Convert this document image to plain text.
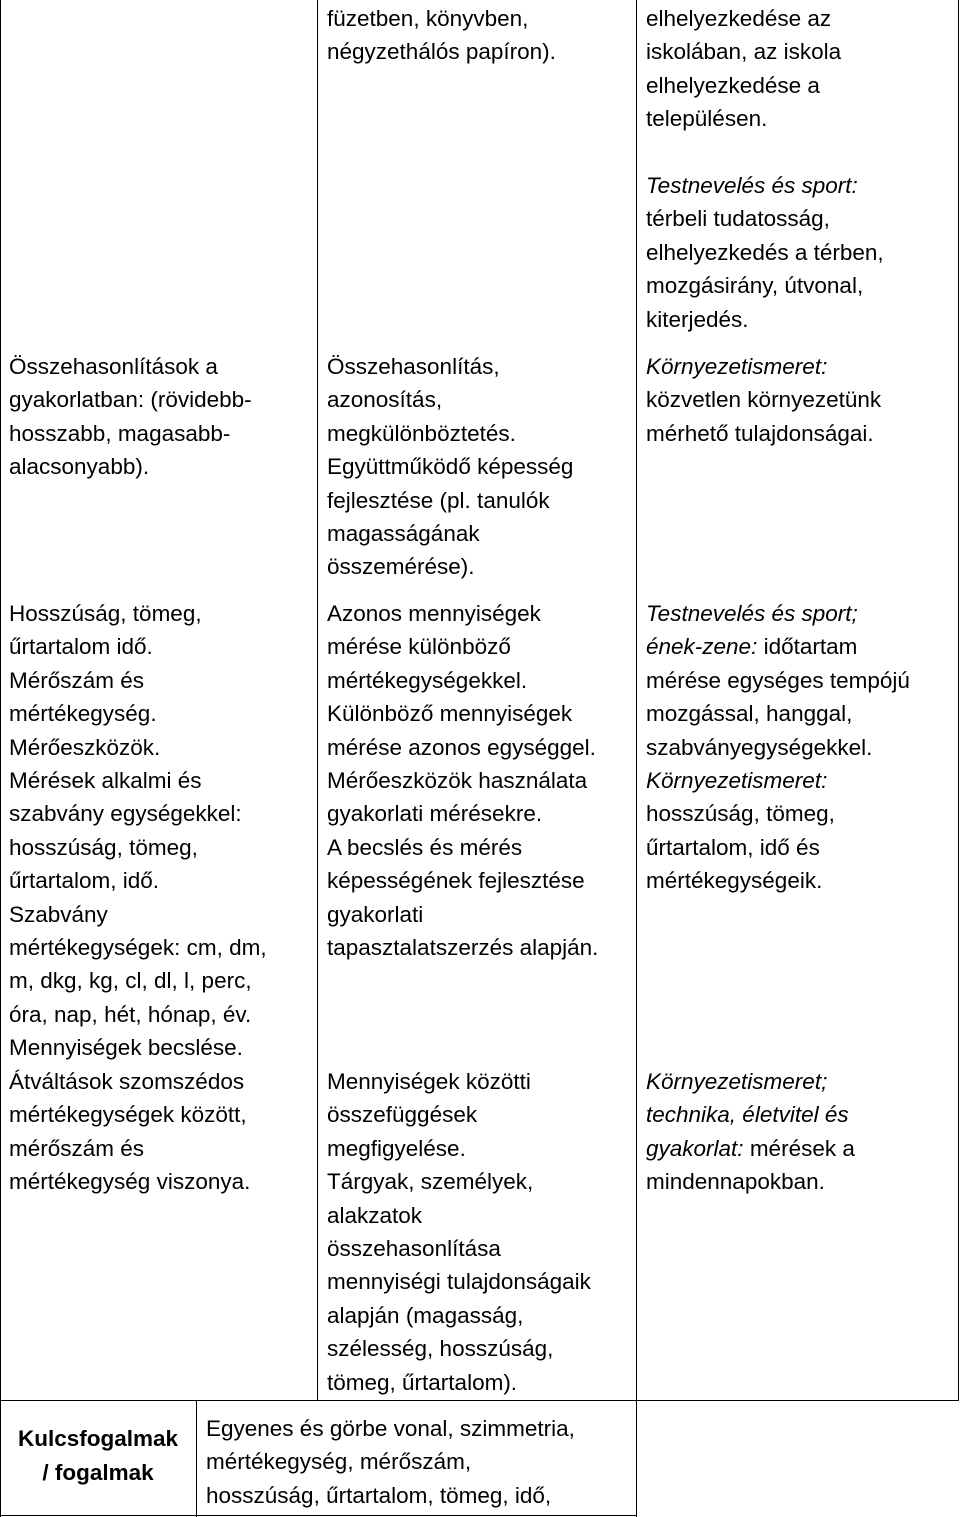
füzetben, könyvben,
négyzethálós papíron).
elhelyezkedése az
iskolában, az iskola
elhelyezkedése a
településen.

Testnevelés és sport:
térbeli tudatosság,
elhelyezkedés a térben,
mozgásirány, útvonal,
kiterjedés.
Összehasonlítások a
gyakorlatban: (rövidebb-
hosszabb, magasabb-
alacsonyabb).
Összehasonlítás,
azonosítás,
megkülönböztetés.
Együttműködő képesség
fejlesztése (pl. tanulók
magasságának
összemérése).
Környezetismeret:
közvetlen környezetünk
mérhető tulajdonságai.
Hosszúság, tömeg,
űrtartalom idő.
Mérőszám és
mértékegység.
Mérőeszközök.
Mérések alkalmi és
szabvány egységekkel:
hosszúság, tömeg,
űrtartalom, idő.
Szabvány
mértékegységek: cm, dm,
m, dkg, kg, cl, dl, l, perc,
óra, nap, hét, hónap, év.
Mennyiségek becslése.
Azonos mennyiségek
mérése különböző
mértékegységekkel.
Különböző mennyiségek
mérése azonos egységgel.
Mérőeszközök használata
gyakorlati mérésekre.
A becslés és mérés
képességének fejlesztése
gyakorlati
tapasztalatszerzés alapján.
Testnevelés és sport;
ének-zene: időtartam
mérése egységes tempójú
mozgással, hanggal,
szabványegységekkel.
Környezetismeret:
hosszúság, tömeg,
űrtartalom, idő és
mértékegységeik.
Átváltások szomszédos
mértékegységek között,
mérőszám és
mértékegység viszonya.
Mennyiségek közötti
összefüggések
megfigyelése.
Tárgyak, személyek,
alakzatok
összehasonlítása
mennyiségi tulajdonságaik
alapján (magasság,
szélesség, hosszúság,
tömeg, űrtartalom).
Környezetismeret;
technika, életvitel és
gyakorlat: mérések a
mindennapokban.
Kulcsfogalmak
/ fogalmak
Egyenes és görbe vonal, szimmetria,
mértékegység, mérőszám,
hosszúság, űrtartalom, tömeg, idő,
